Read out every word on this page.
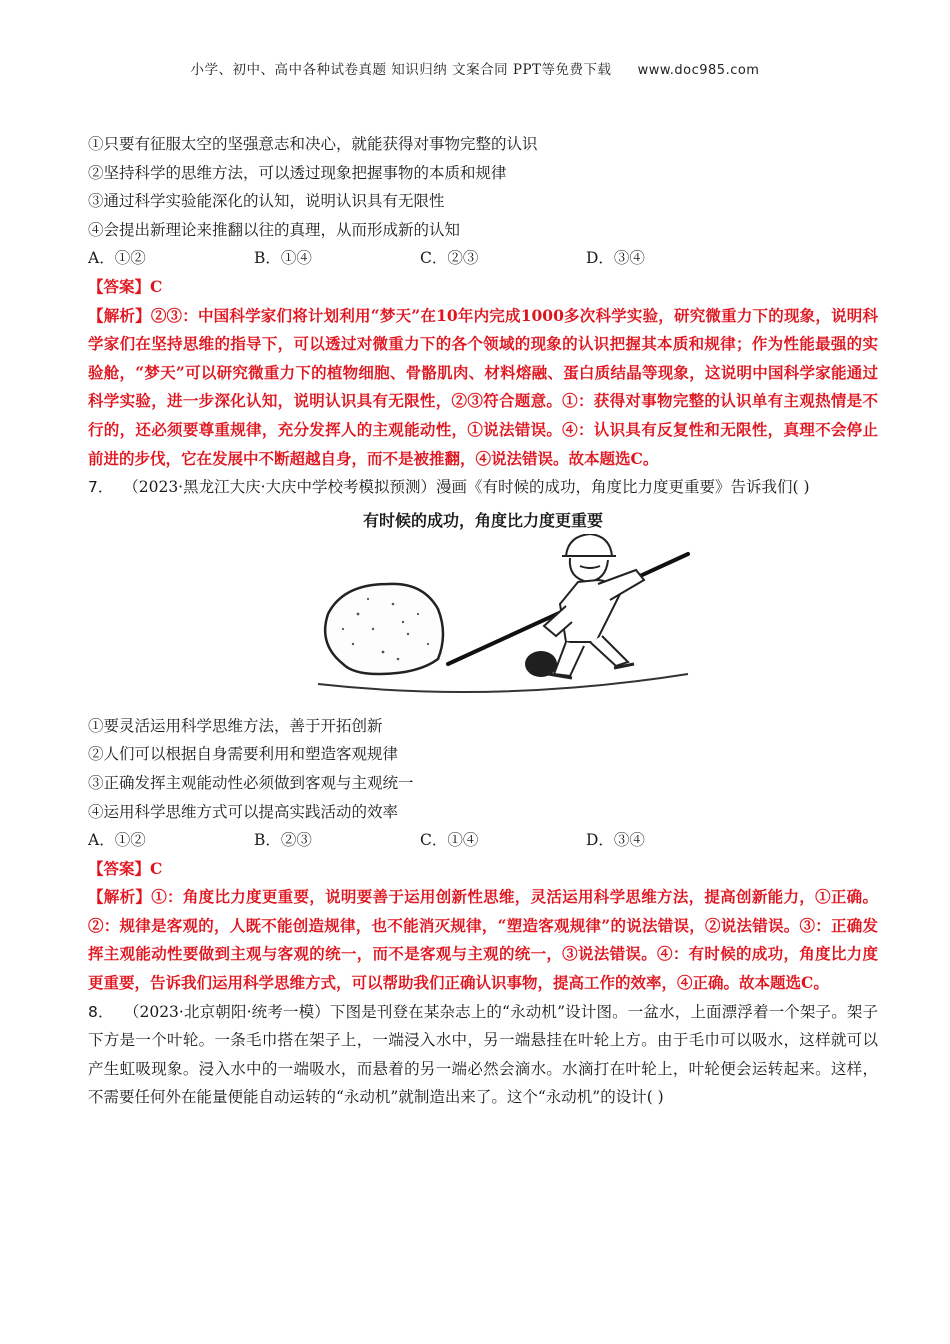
小学、初中、高中各种试卷真题 知识归纳 文案合同 PPT等免费下载 www.doc985.com
①只要有征服太空的坚强意志和决心，就能获得对事物完整的认识
②坚持科学的思维方法，可以透过现象把握事物的本质和规律
③通过科学实验能深化的认知，说明认识具有无限性
④会提出新理论来推翻以往的真理，从而形成新的认知
A．①②	B．①④	C．②③	D．③④
【答案】C
【解析】②③：中国科学家们将计划利用“梦天”在10年内完成1000多次科学实验，研究微重力下的现象，说明科学家们在坚持思维的指导下，可以透过对微重力下的各个领域的现象的认识把握其本质和规律；作为性能最强的实验舱，“梦天”可以研究微重力下的植物细胞、骨骼肌肉、材料熔融、蛋白质结晶等现象，这说明中国科学家能通过科学实验，进一步深化认知，说明认识具有无限性，②③符合题意。①：获得对事物完整的认识单有主观热情是不行的，还必须要尊重规律，充分发挥人的主观能动性，①说法错误。④：认识具有反复性和无限性，真理不会停止前进的步伐，它在发展中不断超越自身，而不是被推翻，④说法错误。故本题选C。
7． （2023·黑龙江大庆·大庆中学校考模拟预测）漫画《有时候的成功，角度比力度更重要》告诉我们( )
有时候的成功，角度比力度更重要
①要灵活运用科学思维方法，善于开拓创新
②人们可以根据自身需要利用和塑造客观规律
③正确发挥主观能动性必须做到客观与主观统一
④运用科学思维方式可以提高实践活动的效率
A．①②	B．②③	C．①④	D．③④
【答案】C
【解析】①：角度比力度更重要，说明要善于运用创新性思维，灵活运用科学思维方法，提高创新能力，①正确。②：规律是客观的，人既不能创造规律，也不能消灭规律，“塑造客观规律”的说法错误，②说法错误。③：正确发挥主观能动性要做到主观与客观的统一，而不是客观与主观的统一，③说法错误。④：有时候的成功，角度比力度更重要，告诉我们运用科学思维方式，可以帮助我们正确认识事物，提高工作的效率，④正确。故本题选C。
8． （2023·北京朝阳·统考一模）下图是刊登在某杂志上的“永动机”设计图。一盆水，上面漂浮着一个架子。架子下方是一个叶轮。一条毛巾搭在架子上，一端浸入水中，另一端悬挂在叶轮上方。由于毛巾可以吸水，这样就可以产生虹吸现象。浸入水中的一端吸水，而悬着的另一端必然会滴水。水滴打在叶轮上，叶轮便会运转起来。这样，不需要任何外在能量便能自动运转的“永动机”就制造出来了。这个“永动机”的设计( )
